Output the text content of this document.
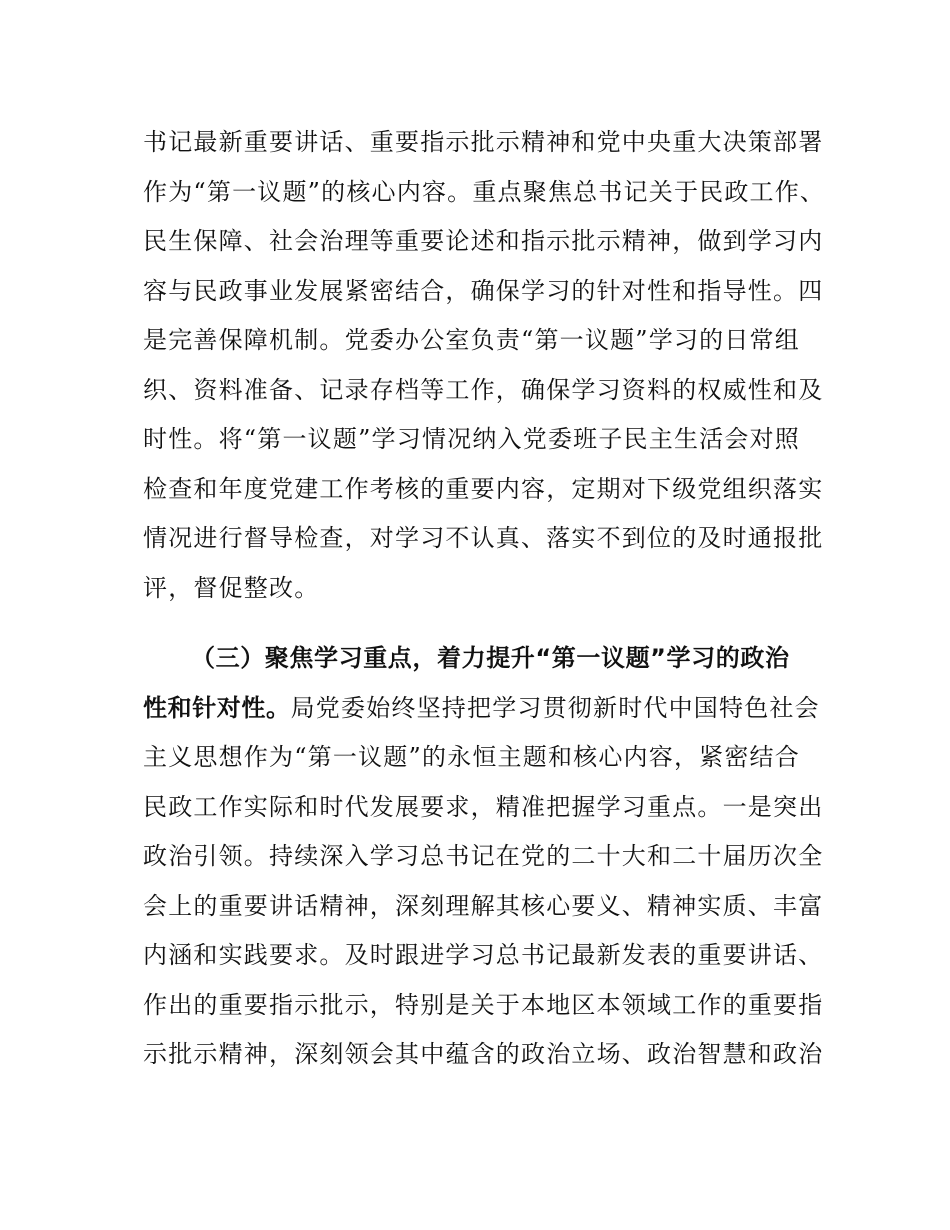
书记最新重要讲话、重要指示批示精神和党中央重大决策部署
作为“第一议题”的核心内容。重点聚焦总书记关于民政工作、
民生保障、社会治理等重要论述和指示批示精神，做到学习内
容与民政事业发展紧密结合，确保学习的针对性和指导性。四
是完善保障机制。党委办公室负责“第一议题”学习的日常组
织、资料准备、记录存档等工作，确保学习资料的权威性和及
时性。将“第一议题”学习情况纳入党委班子民主生活会对照
检查和年度党建工作考核的重要内容，定期对下级党组织落实
情况进行督导检查，对学习不认真、落实不到位的及时通报批
评，督促整改。
（三）聚焦学习重点，着力提升“第一议题”学习的政治
性和针对性。局党委始终坚持把学习贯彻新时代中国特色社会
主义思想作为“第一议题”的永恒主题和核心内容，紧密结合
民政工作实际和时代发展要求，精准把握学习重点。一是突出
政治引领。持续深入学习总书记在党的二十大和二十届历次全
会上的重要讲话精神，深刻理解其核心要义、精神实质、丰富
内涵和实践要求。及时跟进学习总书记最新发表的重要讲话、
作出的重要指示批示，特别是关于本地区本领域工作的重要指
示批示精神，深刻领会其中蕴含的政治立场、政治智慧和政治
